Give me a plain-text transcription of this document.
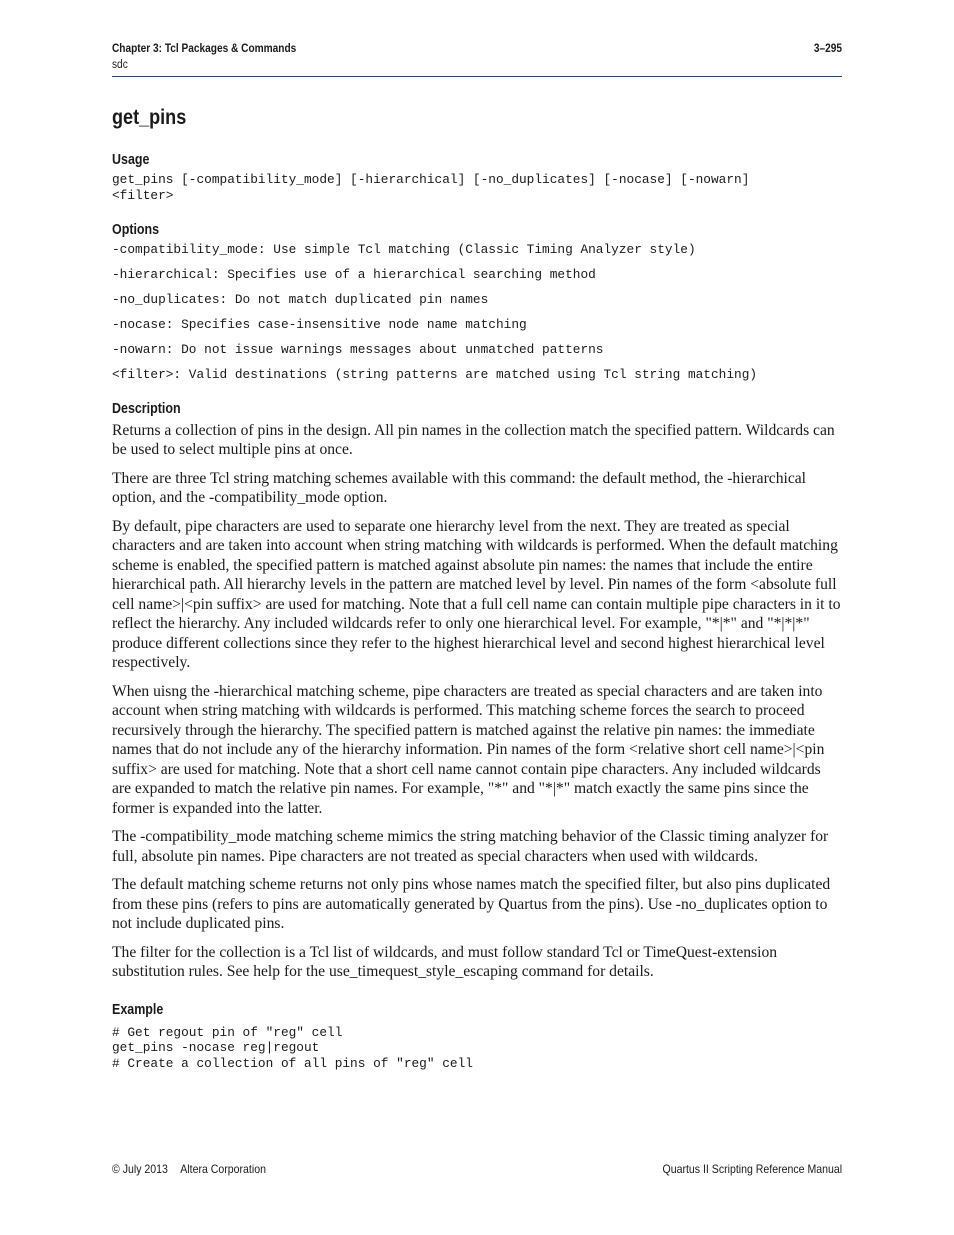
Chapter 3: Tcl Packages & Commands
sdc
3–295
get_pins
Usage

get_pins [-compatibility_mode] [-hierarchical] [-no_duplicates] [-nocase] [-nowarn]

<filter>

Options

-compatibility_mode: Use simple Tcl matching (Classic Timing Analyzer style)

-hierarchical: Specifies use of a hierarchical searching method

-no_duplicates: Do not match duplicated pin names

-nocase: Specifies case-insensitive node name matching

-nowarn: Do not issue warnings messages about unmatched patterns

<filter>: Valid destinations (string patterns are matched using Tcl string matching)

Description

Returns a collection of pins in the design. All pin names in the collection match the specified pattern. Wildcards can be used to select multiple pins at once.

There are three Tcl string matching schemes available with this command: the default method, the -hierarchical option, and the -compatibility_mode option.

By default, pipe characters are used to separate one hierarchy level from the next. They are treated as special characters and are taken into account when string matching with wildcards is performed. When the default matching scheme is enabled, the specified pattern is matched against absolute pin names: the names that include the entire hierarchical path. All hierarchy levels in the pattern are matched level by level. Pin names of the form <absolute full cell name>|<pin suffix> are used for matching. Note that a full cell name can contain multiple pipe characters in it to reflect the hierarchy. Any included wildcards refer to only one hierarchical level. For example, "*|*" and "*|*|*" produce different collections since they refer to the highest hierarchical level and second highest hierarchical level respectively.

When uisng the -hierarchical matching scheme, pipe characters are treated as special characters and are taken into account when string matching with wildcards is performed. This matching scheme forces the search to proceed recursively through the hierarchy. The specified pattern is matched against the relative pin names: the immediate names that do not include any of the hierarchy information. Pin names of the form <relative short cell name>|<pin suffix> are used for matching. Note that a short cell name cannot contain pipe characters. Any included wildcards are expanded to match the relative pin names. For example, "*" and "*|*" match exactly the same pins since the former is expanded into the latter.

The -compatibility_mode matching scheme mimics the string matching behavior of the Classic timing analyzer for full, absolute pin names. Pipe characters are not treated as special characters when used with wildcards.

The default matching scheme returns not only pins whose names match the specified filter, but also pins duplicated from these pins (refers to pins are automatically generated by Quartus from the pins). Use -no_duplicates option to not include duplicated pins.

The filter for the collection is a Tcl list of wildcards, and must follow standard Tcl or TimeQuest-extension substitution rules. See help for the use_timequest_style_escaping command for details.

Example

# Get regout pin of "reg" cell

get_pins -nocase reg|regout

# Create a collection of all pins of "reg" cell

© July 2013 Altera Corporation	Quartus II Scripting Reference Manual
